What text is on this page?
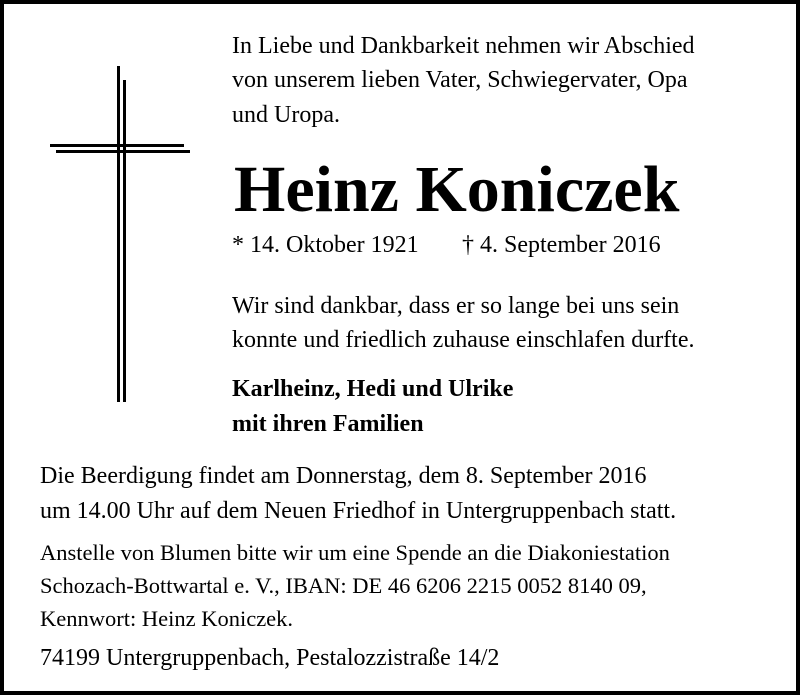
In Liebe und Dankbarkeit nehmen wir Abschied
von unserem lieben Vater, Schwiegervater, Opa
und Uropa.
Heinz Koniczek
* 14. Oktober 1921 † 4. September 2016
Wir sind dankbar, dass er so lange bei uns sein
konnte und friedlich zuhause einschlafen durfte.
Karlheinz, Hedi und Ulrike
mit ihren Familien
Die Beerdigung findet am Donnerstag, dem 8. September 2016
um 14.00 Uhr auf dem Neuen Friedhof in Untergruppenbach statt.
Anstelle von Blumen bitte wir um eine Spende an die Diakoniestation
Schozach-Bottwartal e. V., IBAN: DE 46 6206 2215 0052 8140 09,
Kennwort: Heinz Koniczek.
74199 Untergruppenbach, Pestalozzistraße 14/2
